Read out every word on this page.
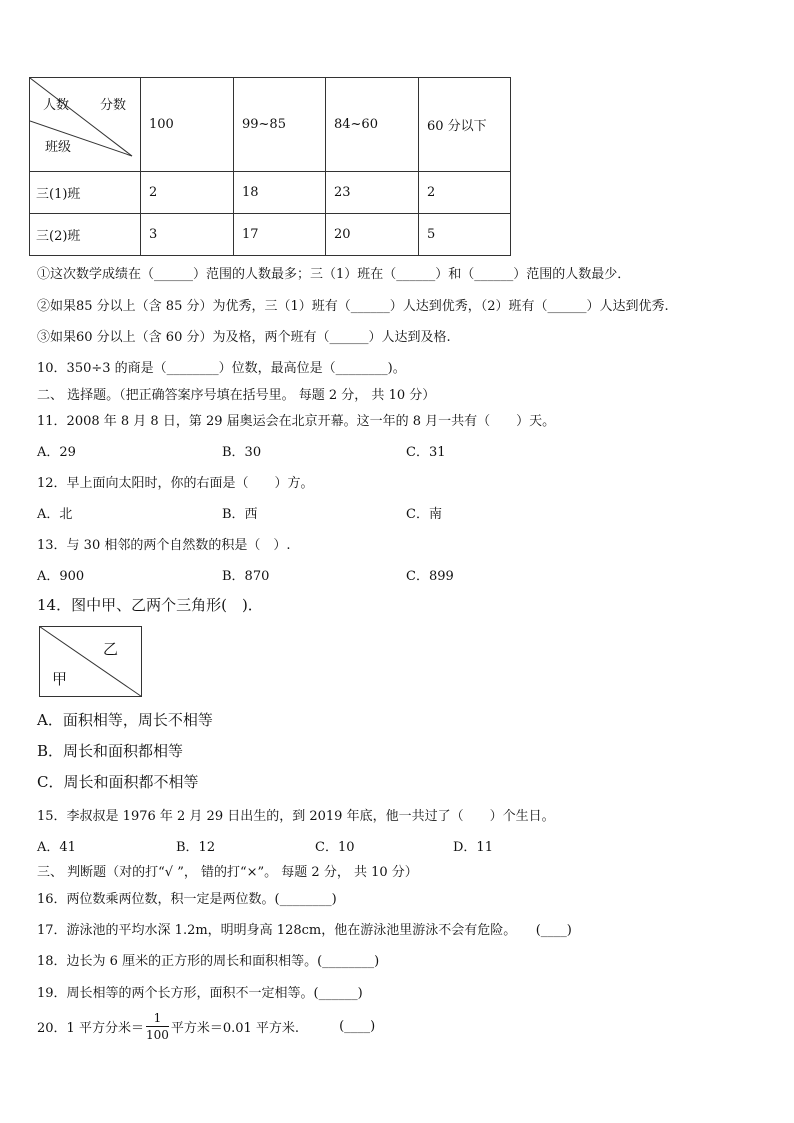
人数 分数
班级	100	99~85	84~60	60 分以下
三(1)班	2	18	23	2
三(2)班	3	17	20	5
①这次数学成绩在（______）范围的人数最多；三（1）班在（______）和（______）范围的人数最少．
②如果85 分以上（含 85 分）为优秀，三（1）班有（______）人达到优秀，（2）班有（______）人达到优秀.
③如果60 分以上（含 60 分）为及格，两个班有（______）人达到及格.
10．350÷3 的商是（________）位数，最高位是（________)。
二、 选择题。（把正确答案序号填在括号里。 每题 2 分， 共 10 分）
11．2008 年 8 月 8 日，第 29 届奥运会在北京开幕。这一年的 8 月一共有（　　）天。
A．29	B．30	C．31
12．早上面向太阳时，你的右面是（　　）方。
A．北	B．西	C．南
13．与 30 相邻的两个自然数的积是（　）.
A．900	B．870	C．899
14．图中甲、乙两个三角形(　)．
乙
甲
A．面积相等，周长不相等
B．周长和面积都相等
C．周长和面积都不相等
15．李叔叔是 1976 年 2 月 29 日出生的，到 2019 年底，他一共过了（　　）个生日。
A．41	B．12	C．10	D．11
三、 判断题（对的打“√ ”， 错的打“×”。 每题 2 分， 共 10 分）
16．两位数乘两位数，积一定是两位数。(________)
17．游泳池的平均水深 1.2m，明明身高 128cm，他在游泳池里游泳不会有危险。　　(____)
18．边长为 6 厘米的正方形的周长和面积相等。(________)
19．周长相等的两个长方形，面积不一定相等。(______)
20．1 平方分米＝ $\frac{1}{100}$ 平方米＝0.01 平方米.	(____)
